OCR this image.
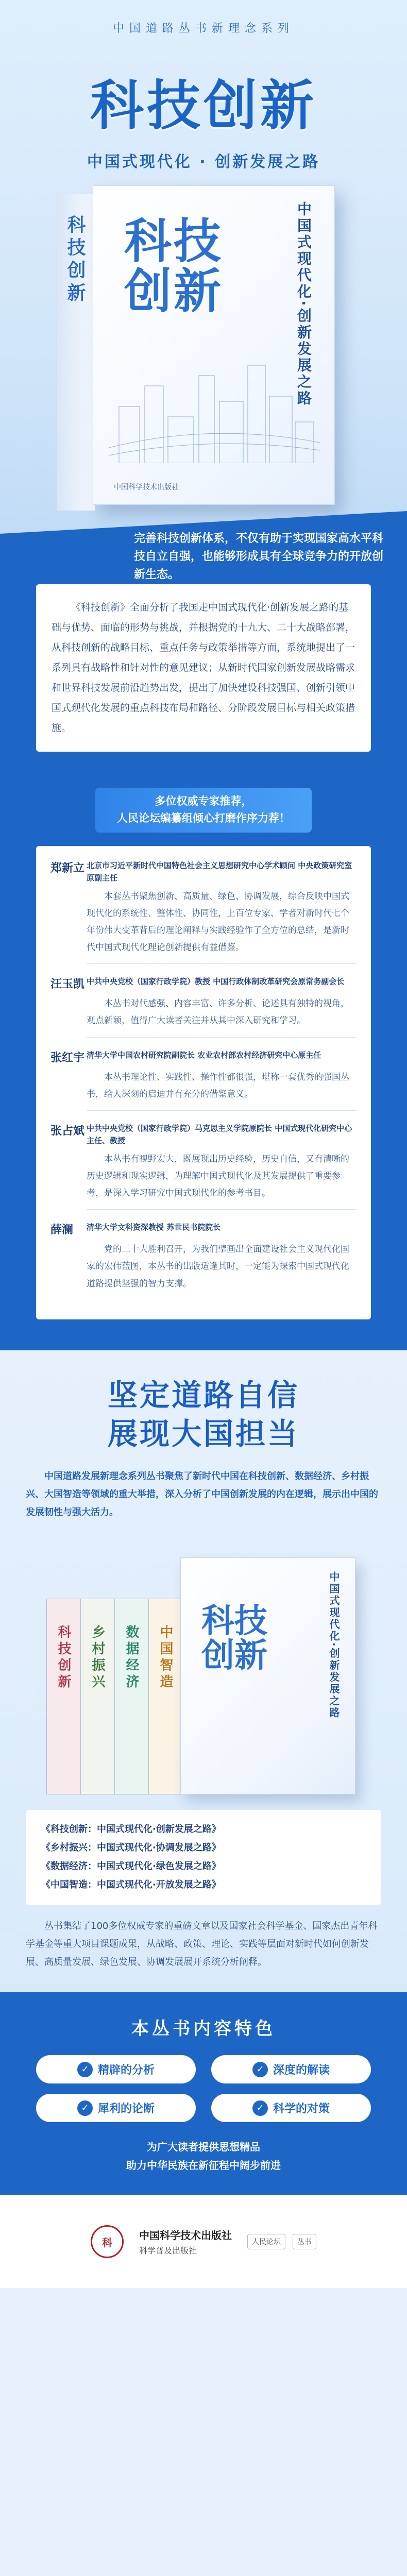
中国道路丛书新理念系列
科技创新
中国式现代化 · 创新发展之路
科技创新 科技
创新	中国式现代化·创新发展之路
中国科学技术出版社
完善科技创新体系，不仅有助于实现国家高水平科技自立自强，也能够形成具有全球竞争力的开放创新生态。
《科技创新》全面分析了我国走中国式现代化·创新发展之路的基础与优势、面临的形势与挑战，并根据党的十九大、二十大战略部署，从科技创新的战略目标、重点任务与政策举措等方面，系统地提出了一系列具有战略性和针对性的意见建议；从新时代国家创新发展战略需求和世界科技发展前沿趋势出发，提出了加快建设科技强国、创新引领中国式现代化发展的重点科技布局和路径、分阶段发展目标与相关政策措施。
多位权威专家推荐，
人民论坛编纂组倾心打磨作序力荐！
郑新立 北京市习近平新时代中国特色社会主义思想研究中心学术顾问 中央政策研究室原副主任
本套丛书聚焦创新、高质量、绿色、协调发展，综合反映中国式现代化的系统性、整体性、协同性，上百位专家、学者对新时代七个年份伟大变革背后的理论阐释与实践经验作了全方位的总结，是新时代中国式现代化理论创新提供有益借鉴。
汪玉凯 中共中央党校（国家行政学院）教授 中国行政体制改革研究会原常务副会长
本丛书对代感强、内容丰富、许多分析、论述具有独特的视角，观点新颖，值得广大读者关注并从其中深入研究和学习。
张红宇 清华大学中国农村研究院副院长 农业农村部农村经济研究中心原主任
本丛书理论性、实践性、操作性都很强，堪称一套优秀的强国丛书，给人深刻的启迪并有充分的借鉴意义。
张占斌 中共中央党校（国家行政学院）马克思主义学院原院长 中国式现代化研究中心主任、教授
本丛书有视野宏大，既展现出历史经验，历史自信，又有清晰的历史逻辑和现实逻辑，为理解中国式现代化及其发展提供了重要参考，是深入学习研究中国式现代化的参考书目。
薛澜	清华大学文科资深教授 苏世民书院院长
党的二十大胜利召开，为我们擘画出全面建设社会主义现代化国家的宏伟蓝图，本丛书的出版适逢其时，一定能为探索中国式现代化道路提供坚强的智力支撑。
坚定道路自信
展现大国担当
中国道路发展新理念系列丛书聚焦了新时代中国在科技创新、数据经济、乡村振兴、大国智造等领域的重大举措，深入分析了中国创新发展的内在逻辑，展示出中国的发展韧性与强大活力。
科技创新 乡村振兴 数据经济 中国智造
科技
创新	中国式现代化·创新发展之路
《科技创新：中国式现代化·创新发展之路》
《乡村振兴：中国式现代化·协调发展之路》
《数据经济：中国式现代化·绿色发展之路》
《中国智造：中国式现代化·开放发展之路》
丛书集结了100多位权威专家的重磅文章以及国家社会科学基金、国家杰出青年科学基金等重大项目课题成果，从战略、政策、理论、实践等层面对新时代如何创新发展、高质量发展、绿色发展、协调发展展开系统分析阐释。
本丛书内容特色
✓ 精辟的分析	✓ 深度的解读
✓ 犀利的论断	✓ 科学的对策
为广大读者提供思想精品
助力中华民族在新征程中阔步前进
科
中国科学技术出版社
科学普及出版社
人民论坛	丛书
